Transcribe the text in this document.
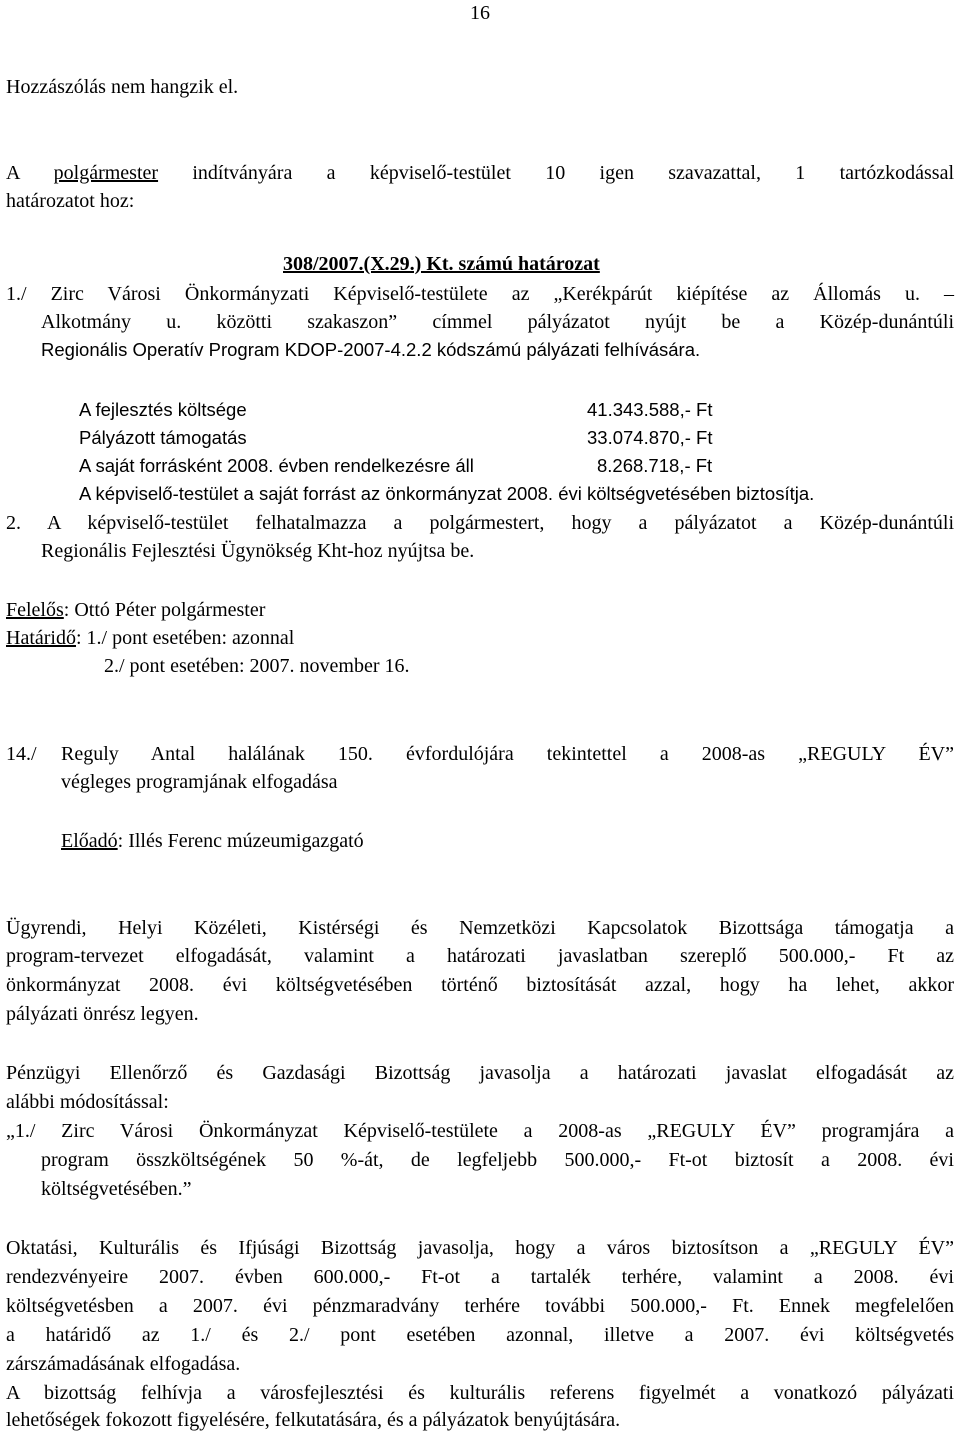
16
Hozzászólás nem hangzik el.
A polgármester indítványára a képviselő-testület 10 igen szavazattal, 1 tartózkodással
határozatot hoz:
308/2007.(X.29.) Kt. számú határozat
1./ Zirc Városi Önkormányzati Képviselő-testülete az „Kerékpárút kiépítése az Állomás u. –
Alkotmány u. közötti szakaszon” címmel pályázatot nyújt be a Közép-dunántúli
Regionális Operatív Program KDOP-2007-4.2.2 kódszámú pályázati felhívására.
A fejlesztés költsége	41.343.588,- Ft
Pályázott támogatás	33.074.870,- Ft
A saját forrásként 2008. évben rendelkezésre áll	8.268.718,- Ft
A képviselő-testület a saját forrást az önkormányzat 2008. évi költségvetésében biztosítja.
2. A képviselő-testület felhatalmazza a polgármestert, hogy a pályázatot a Közép-dunántúli
Regionális Fejlesztési Ügynökség Kht-hoz nyújtsa be.
Felelős: Ottó Péter polgármester
Határidő: 1./ pont esetében: azonnal
2./ pont esetében: 2007. november 16.
14./ Reguly Antal halálának 150. évfordulójára tekintettel a 2008-as „REGULY ÉV”
végleges programjának elfogadása
Előadó: Illés Ferenc múzeumigazgató
Ügyrendi, Helyi Közéleti, Kistérségi és Nemzetközi Kapcsolatok Bizottsága támogatja a
program-tervezet elfogadását, valamint a határozati javaslatban szereplő 500.000,- Ft az
önkormányzat 2008. évi költségvetésében történő biztosítását azzal, hogy ha lehet, akkor
pályázati önrész legyen.
Pénzügyi Ellenőrző és Gazdasági Bizottság javasolja a határozati javaslat elfogadását az
alábbi módosítással:
„1./ Zirc Városi Önkormányzat Képviselő-testülete a 2008-as „REGULY ÉV” programjára a
program összköltségének 50 %-át, de legfeljebb 500.000,- Ft-ot biztosít a 2008. évi
költségvetésében.”
Oktatási, Kulturális és Ifjúsági Bizottság javasolja, hogy a város biztosítson a „REGULY ÉV”
rendezvényeire 2007. évben 600.000,- Ft-ot a tartalék terhére, valamint a 2008. évi
költségvetésben a 2007. évi pénzmaradvány terhére további 500.000,- Ft. Ennek megfelelően
a határidő az 1./ és 2./ pont esetében azonnal, illetve a 2007. évi költségvetés
zárszámadásának elfogadása.
A bizottság felhívja a városfejlesztési és kulturális referens figyelmét a vonatkozó pályázati
lehetőségek fokozott figyelésére, felkutatására, és a pályázatok benyújtására.
